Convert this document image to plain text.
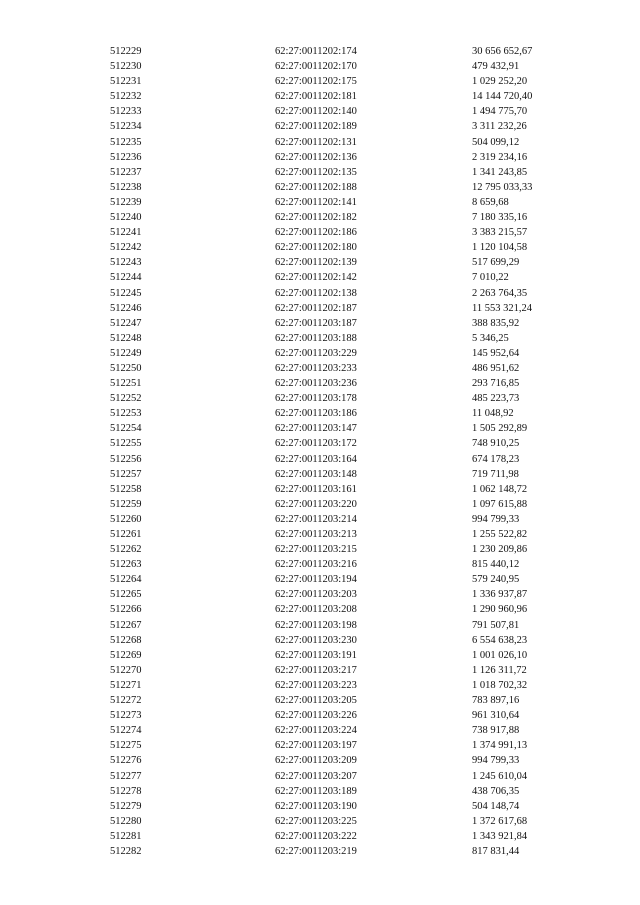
512229	62:27:0011202:174	30 656 652,67
512230	62:27:0011202:170	479 432,91
512231	62:27:0011202:175	1 029 252,20
512232	62:27:0011202:181	14 144 720,40
512233	62:27:0011202:140	1 494 775,70
512234	62:27:0011202:189	3 311 232,26
512235	62:27:0011202:131	504 099,12
512236	62:27:0011202:136	2 319 234,16
512237	62:27:0011202:135	1 341 243,85
512238	62:27:0011202:188	12 795 033,33
512239	62:27:0011202:141	8 659,68
512240	62:27:0011202:182	7 180 335,16
512241	62:27:0011202:186	3 383 215,57
512242	62:27:0011202:180	1 120 104,58
512243	62:27:0011202:139	517 699,29
512244	62:27:0011202:142	7 010,22
512245	62:27:0011202:138	2 263 764,35
512246	62:27:0011202:187	11 553 321,24
512247	62:27:0011203:187	388 835,92
512248	62:27:0011203:188	5 346,25
512249	62:27:0011203:229	145 952,64
512250	62:27:0011203:233	486 951,62
512251	62:27:0011203:236	293 716,85
512252	62:27:0011203:178	485 223,73
512253	62:27:0011203:186	11 048,92
512254	62:27:0011203:147	1 505 292,89
512255	62:27:0011203:172	748 910,25
512256	62:27:0011203:164	674 178,23
512257	62:27:0011203:148	719 711,98
512258	62:27:0011203:161	1 062 148,72
512259	62:27:0011203:220	1 097 615,88
512260	62:27:0011203:214	994 799,33
512261	62:27:0011203:213	1 255 522,82
512262	62:27:0011203:215	1 230 209,86
512263	62:27:0011203:216	815 440,12
512264	62:27:0011203:194	579 240,95
512265	62:27:0011203:203	1 336 937,87
512266	62:27:0011203:208	1 290 960,96
512267	62:27:0011203:198	791 507,81
512268	62:27:0011203:230	6 554 638,23
512269	62:27:0011203:191	1 001 026,10
512270	62:27:0011203:217	1 126 311,72
512271	62:27:0011203:223	1 018 702,32
512272	62:27:0011203:205	783 897,16
512273	62:27:0011203:226	961 310,64
512274	62:27:0011203:224	738 917,88
512275	62:27:0011203:197	1 374 991,13
512276	62:27:0011203:209	994 799,33
512277	62:27:0011203:207	1 245 610,04
512278	62:27:0011203:189	438 706,35
512279	62:27:0011203:190	504 148,74
512280	62:27:0011203:225	1 372 617,68
512281	62:27:0011203:222	1 343 921,84
512282	62:27:0011203:219	817 831,44
